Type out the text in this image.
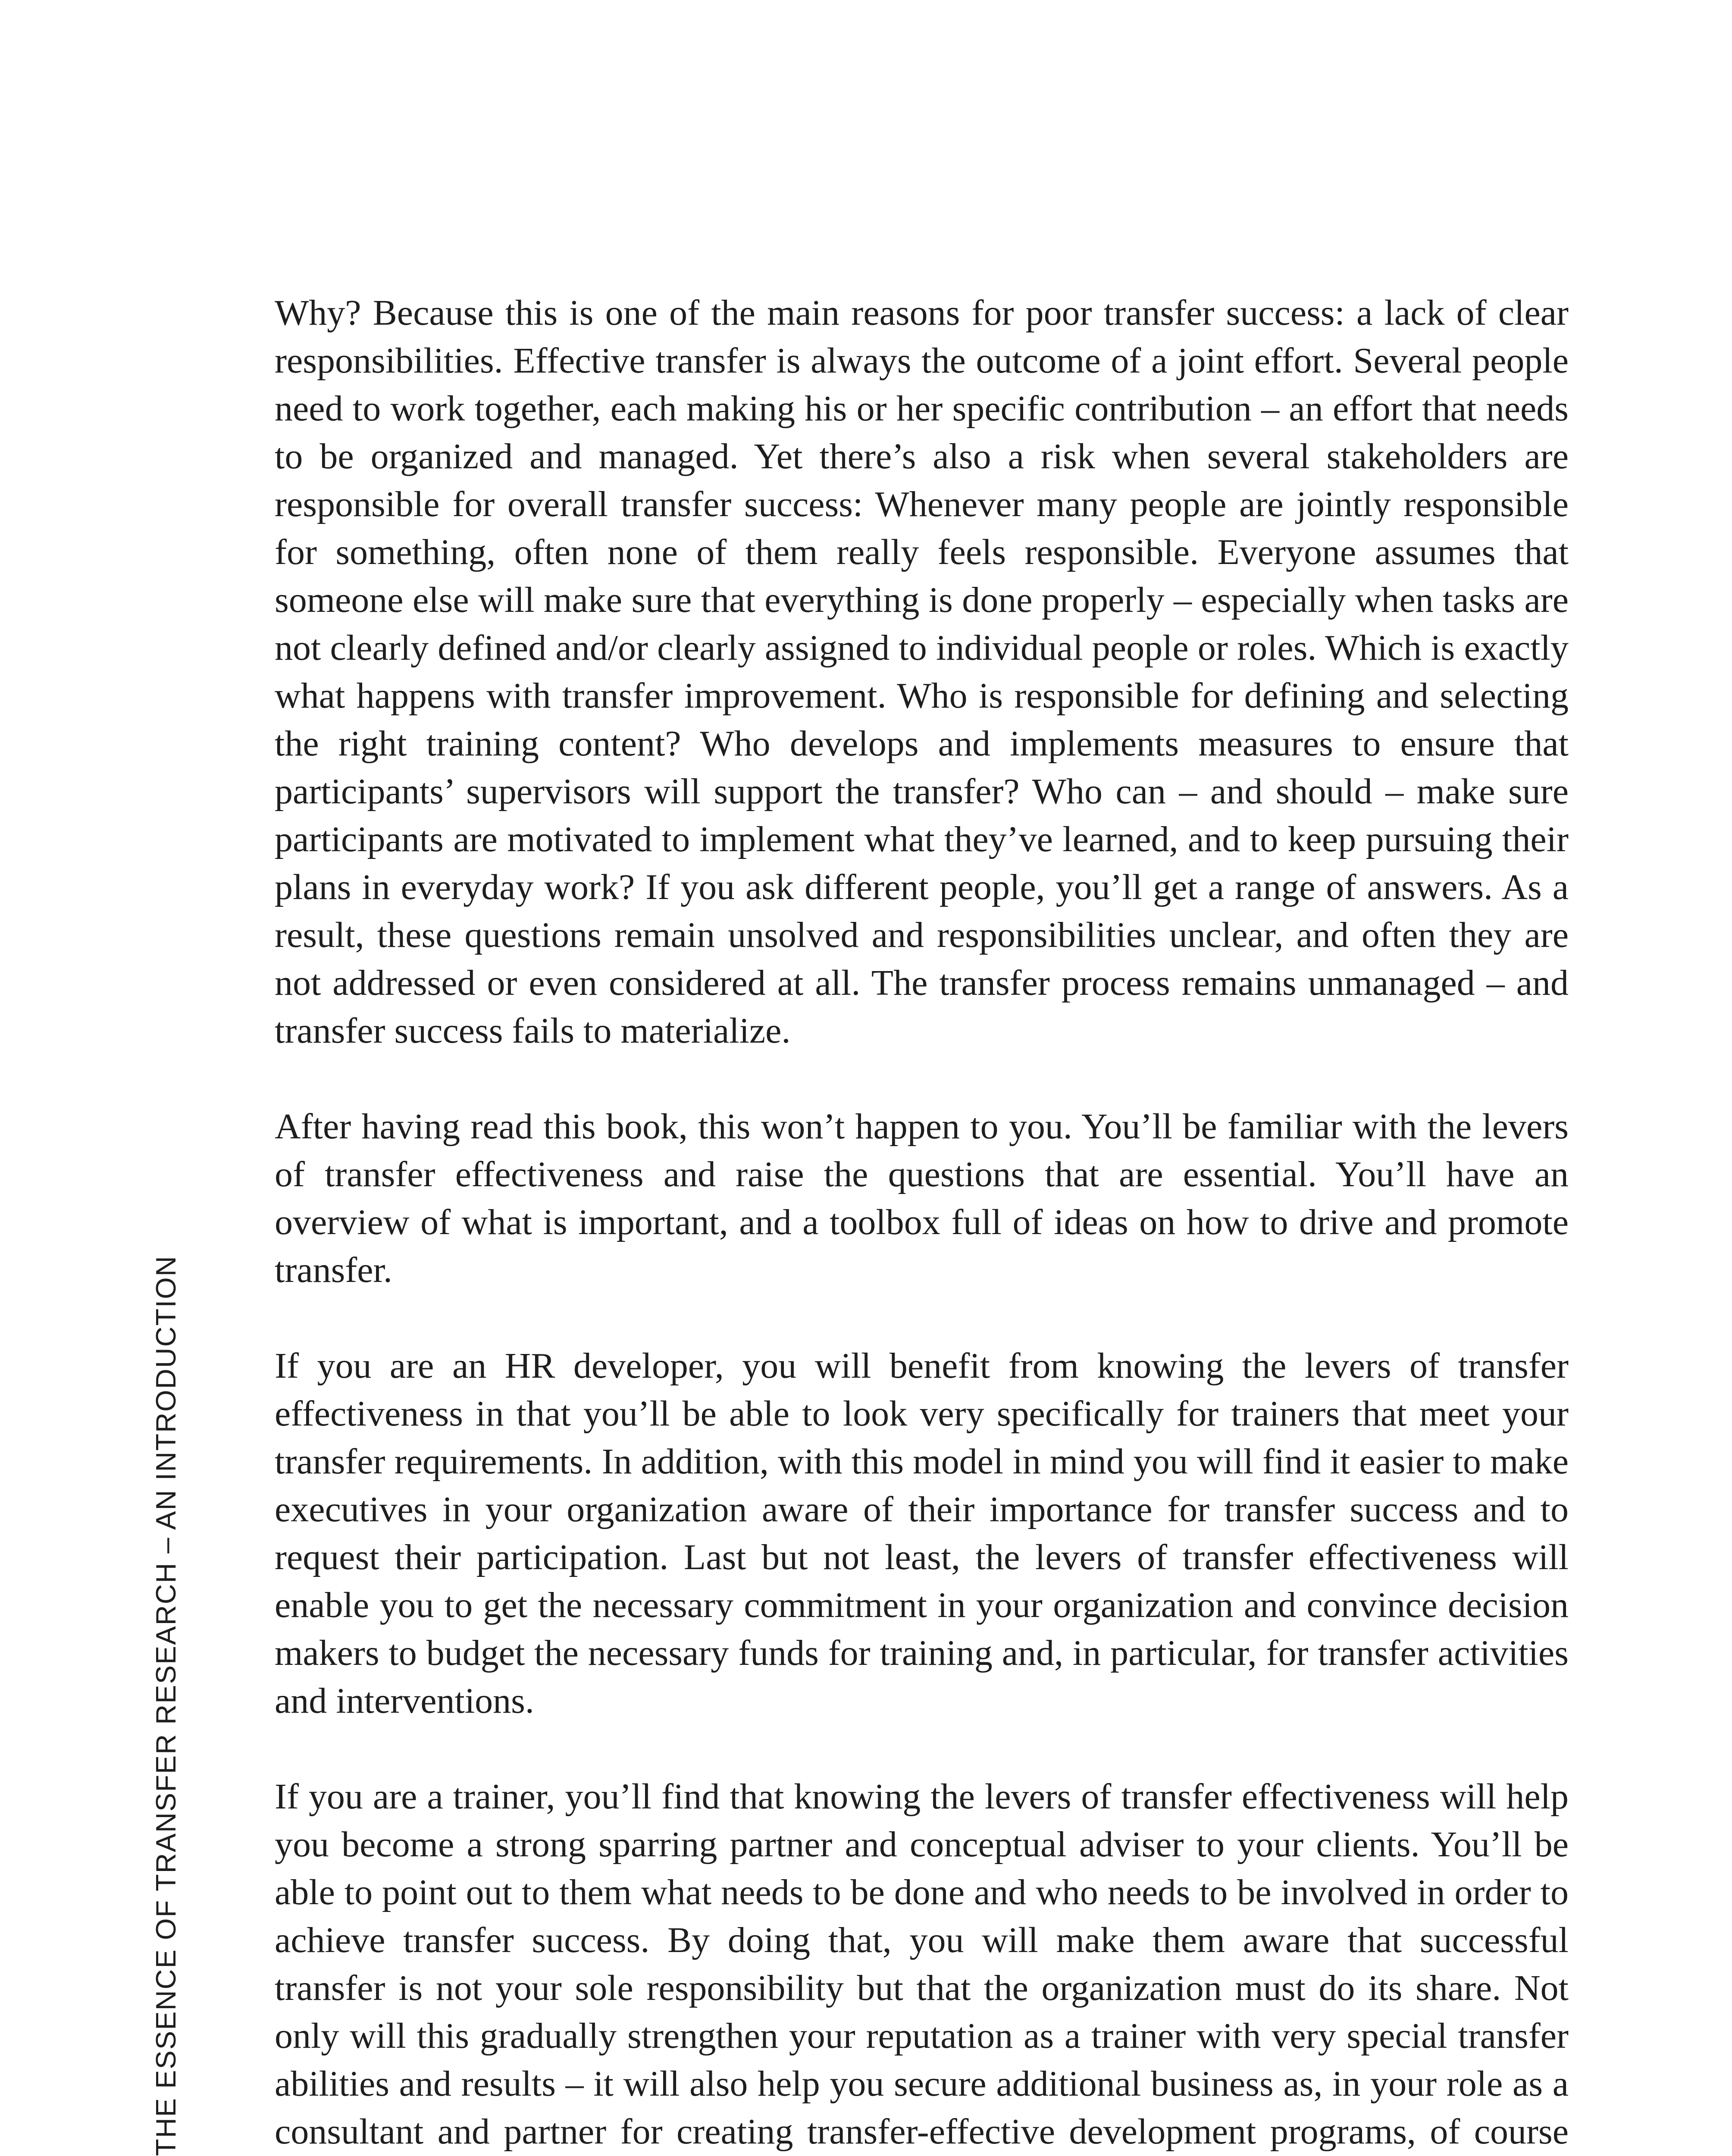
THE ESSENCE OF TRANSFER RESEARCH – AN INTRODUCTION

Why? Because this is one of the main reasons for poor transfer success: a lack of clear responsibilities. Effective transfer is always the outcome of a joint effort. Several people need to work together, each making his or her specific contribution – an effort that needs to be organized and managed. Yet there’s also a risk when several stakeholders are responsible for overall transfer success: Whenever many people are jointly responsible for something, often none of them really feels responsible. Everyone assumes that someone else will make sure that everything is done properly – especially when tasks are not clearly defined and/or clearly assigned to individual people or roles. Which is exactly what happens with transfer improvement. Who is responsible for defining and selecting the right training content? Who develops and implements measures to ensure that participants’ supervisors will support the transfer? Who can – and should – make sure participants are motivated to implement what they’ve learned, and to keep pursuing their plans in everyday work? If you ask different people, you’ll get a range of answers. As a result, these questions remain unsolved and responsibilities unclear, and often they are not addressed or even considered at all. The transfer process remains unmanaged – and transfer success fails to materialize.

After having read this book, this won’t happen to you. You’ll be familiar with the levers of transfer effectiveness and raise the questions that are essential. You’ll have an overview of what is important, and a toolbox full of ideas on how to drive and promote transfer.

If you are an HR developer, you will benefit from knowing the levers of transfer effectiveness in that you’ll be able to look very specifically for trainers that meet your transfer requirements. In addition, with this model in mind you will find it easier to make executives in your organization aware of their importance for transfer success and to request their participation. Last but not least, the levers of transfer effectiveness will enable you to get the necessary commitment in your organization and convince decision makers to budget the necessary funds for training and, in particular, for transfer activities and interventions.

If you are a trainer, you’ll find that knowing the levers of transfer effectiveness will help you become a strong sparring partner and conceptual adviser to your clients. You’ll be able to point out to them what needs to be done and who needs to be involved in order to achieve transfer success. By doing that, you will make them aware that successful transfer is not your sole responsibility but that the organization must do its share. Not only will this gradually strengthen your reputation as a trainer with very special transfer abilities and results – it will also help you secure additional business as, in your role as a consultant and partner for creating transfer-effective development programs, of course
